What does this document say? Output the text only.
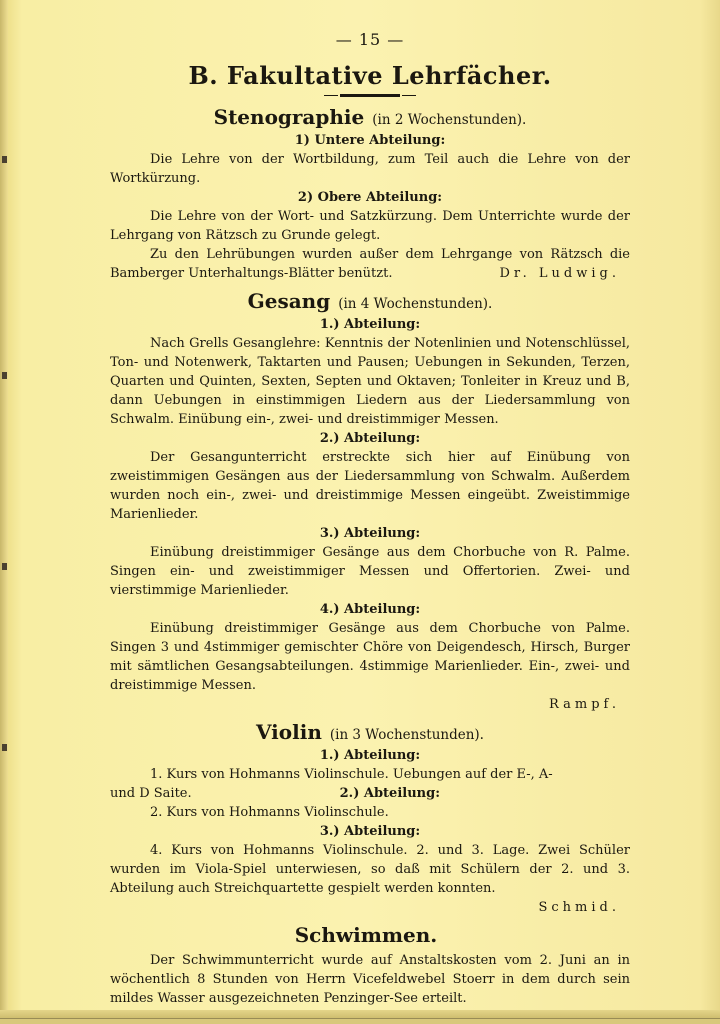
— 15 —
B. Fakultative Lehrfächer.
Stenographie (in 2 Wochenstunden).
1) Untere Abteilung:

Die Lehre von der Wortbildung, zum Teil auch die Lehre von der Wortkürzung.

2) Obere Abteilung:

Die Lehre von der Wort- und Satzkürzung. Dem Unterrichte wurde der Lehrgang von Rätzsch zu Grunde gelegt.

Zu den Lehrübungen wurden außer dem Lehrgange von Rätzsch die Bamberger Unterhaltungs-Blätter benützt.	Dr. Ludwig.
Gesang (in 4 Wochenstunden).
1.) Abteilung:

Nach Grells Gesanglehre: Kenntnis der Notenlinien und Notenschlüssel, Ton- und Notenwerk, Taktarten und Pausen; Uebungen in Sekunden, Terzen, Quarten und Quinten, Sexten, Septen und Oktaven; Tonleiter in Kreuz und B, dann Uebungen in einstimmigen Liedern aus der Liedersammlung von Schwalm. Einübung ein-, zwei- und dreistimmiger Messen.

2.) Abteilung:

Der Gesangunterricht erstreckte sich hier auf Einübung von zweistimmigen Gesängen aus der Liedersammlung von Schwalm. Außerdem wurden noch ein-, zwei- und dreistimmige Messen eingeübt. Zweistimmige Marienlieder.

3.) Abteilung:

Einübung dreistimmiger Gesänge aus dem Chorbuche von R. Palme. Singen ein- und zweistimmiger Messen und Offertorien. Zwei- und vierstimmige Marienlieder.

4.) Abteilung:

Einübung dreistimmiger Gesänge aus dem Chorbuche von Palme. Singen 3 und 4stimmiger gemischter Chöre von Deigendesch, Hirsch, Burger mit sämtlichen Gesangsabteilungen. 4stimmige Marienlieder. Ein-, zwei- und dreistimmige Messen.

Rampf.
Violin (in 3 Wochenstunden).
1.) Abteilung:

1. Kurs von Hohmanns Violinschule. Uebungen auf der E-, A-

und D Saite.	2.) Abteilung:

2. Kurs von Hohmanns Violinschule.

3.) Abteilung:

4. Kurs von Hohmanns Violinschule. 2. und 3. Lage. Zwei Schüler wurden im Viola-Spiel unterwiesen, so daß mit Schülern der 2. und 3. Abteilung auch Streichquartette gespielt werden konnten.

Schmid.
Schwimmen.

Der Schwimmunterricht wurde auf Anstaltskosten vom 2. Juni an in wöchentlich 8 Stunden von Herrn Vicefeldwebel Stoerr in dem durch sein mildes Wasser ausgezeichneten Penzinger-See erteilt.
